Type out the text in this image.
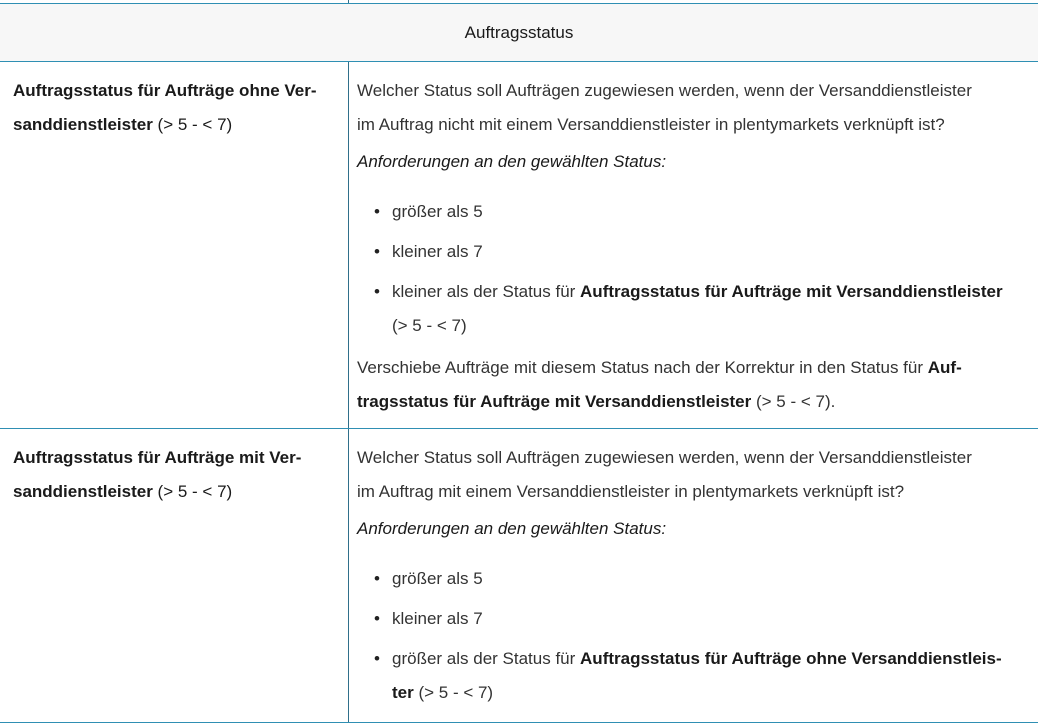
Auftragsstatus
Auftragsstatus für Aufträge ohne Ver-
sanddienstleister (> 5 - < 7)

Welcher Status soll Aufträgen zugewiesen werden, wenn der Versanddienstleister
im Auftrag nicht mit einem Versanddienstleister in plentymarkets verknüpft ist?

Anforderungen an den gewählten Status:

• größer als 5
• kleiner als 7
• kleiner als der Status für Auftragsstatus für Aufträge mit Versanddienstleister
(> 5 - < 7)

Verschiebe Aufträge mit diesem Status nach der Korrektur in den Status für Auf-
tragsstatus für Aufträge mit Versanddienstleister (> 5 - < 7).

Auftragsstatus für Aufträge mit Ver-
sanddienstleister (> 5 - < 7)

Welcher Status soll Aufträgen zugewiesen werden, wenn der Versanddienstleister
im Auftrag mit einem Versanddienstleister in plentymarkets verknüpft ist?

Anforderungen an den gewählten Status:

• größer als 5
• kleiner als 7
• größer als der Status für Auftragsstatus für Aufträge ohne Versanddienstleis-
ter (> 5 - < 7)
